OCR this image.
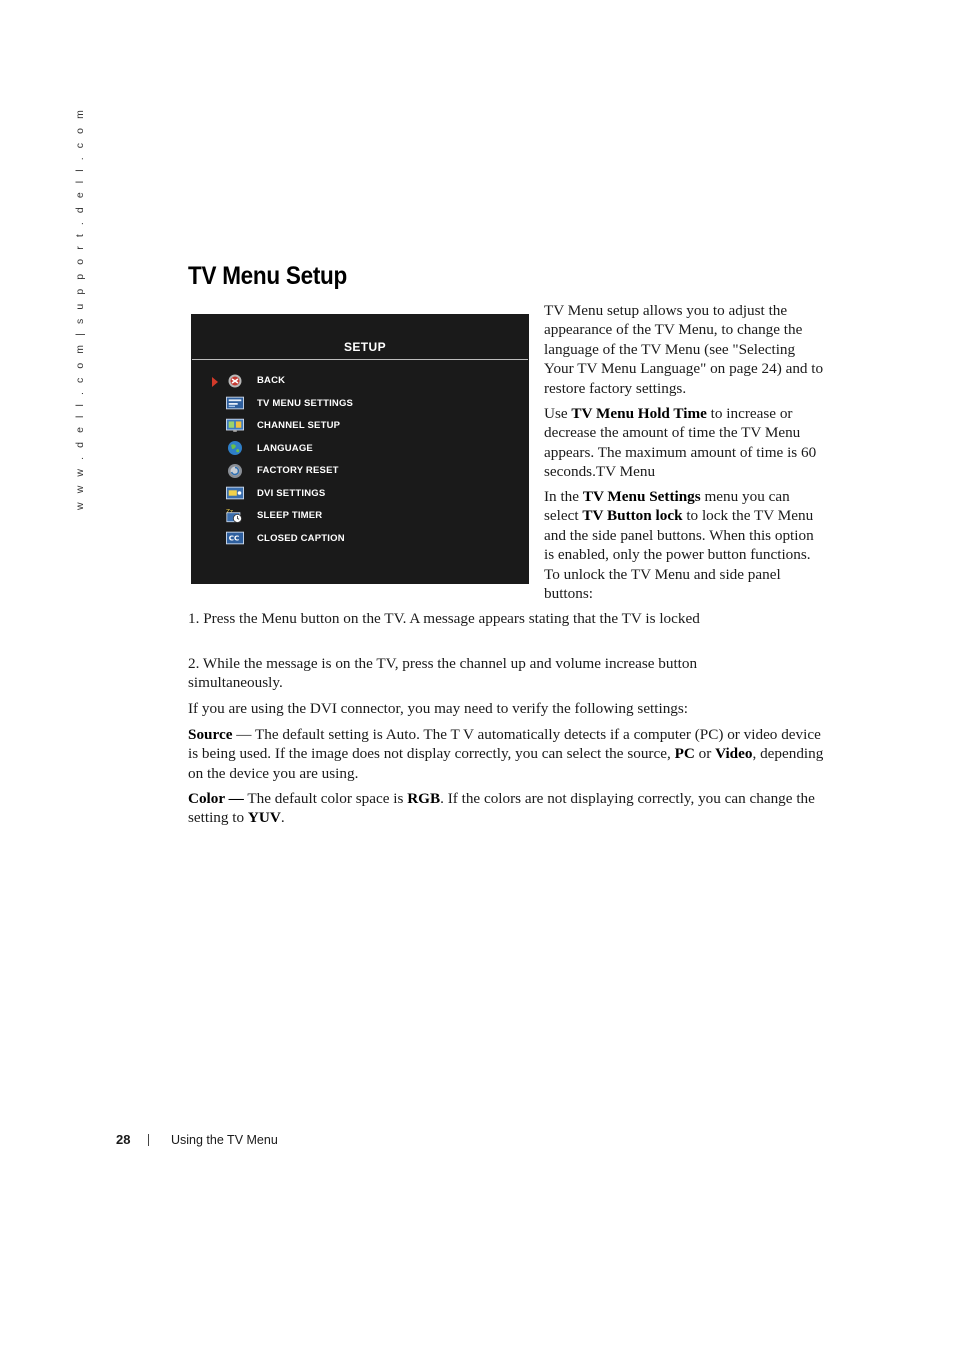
w w w . d e l l . c o m | s u p p o r t . d e l l . c o m	TV Menu Setup
SETUP
BACK
TV MENU SETTINGS
CHANNEL SETUP
LANGUAGE
FACTORY RESET
DVI SETTINGS
SLEEP TIMER
CC CLOSED CAPTION

TV Menu setup allows you to adjust the appearance of the TV Menu, to change the language of the TV Menu (see "Selecting Your TV Menu Language" on page 24) and to restore factory settings.

Use TV Menu Hold Time to increase or decrease the amount of time the TV Menu appears. The maximum amount of time is 60 seconds.TV Menu

In the TV Menu Settings menu you can select TV Button lock to lock the TV Menu and the side panel buttons. When this option is enabled, only the power button functions. To unlock the TV Menu and side panel buttons:

1. Press the Menu button on the TV. A message appears stating that the TV is locked

2. While the message is on the TV, press the channel up and volume increase button simultaneously.

If you are using the DVI connector, you may need to verify the following settings:

Source — The default setting is Auto. The T V automatically detects if a computer (PC) or video device is being used. If the image does not display correctly, you can select the source, PC or Video, depending on the device you are using.

Color — The default color space is RGB. If the colors are not displaying correctly, you can change the setting to YUV.

28	Using the TV Menu
